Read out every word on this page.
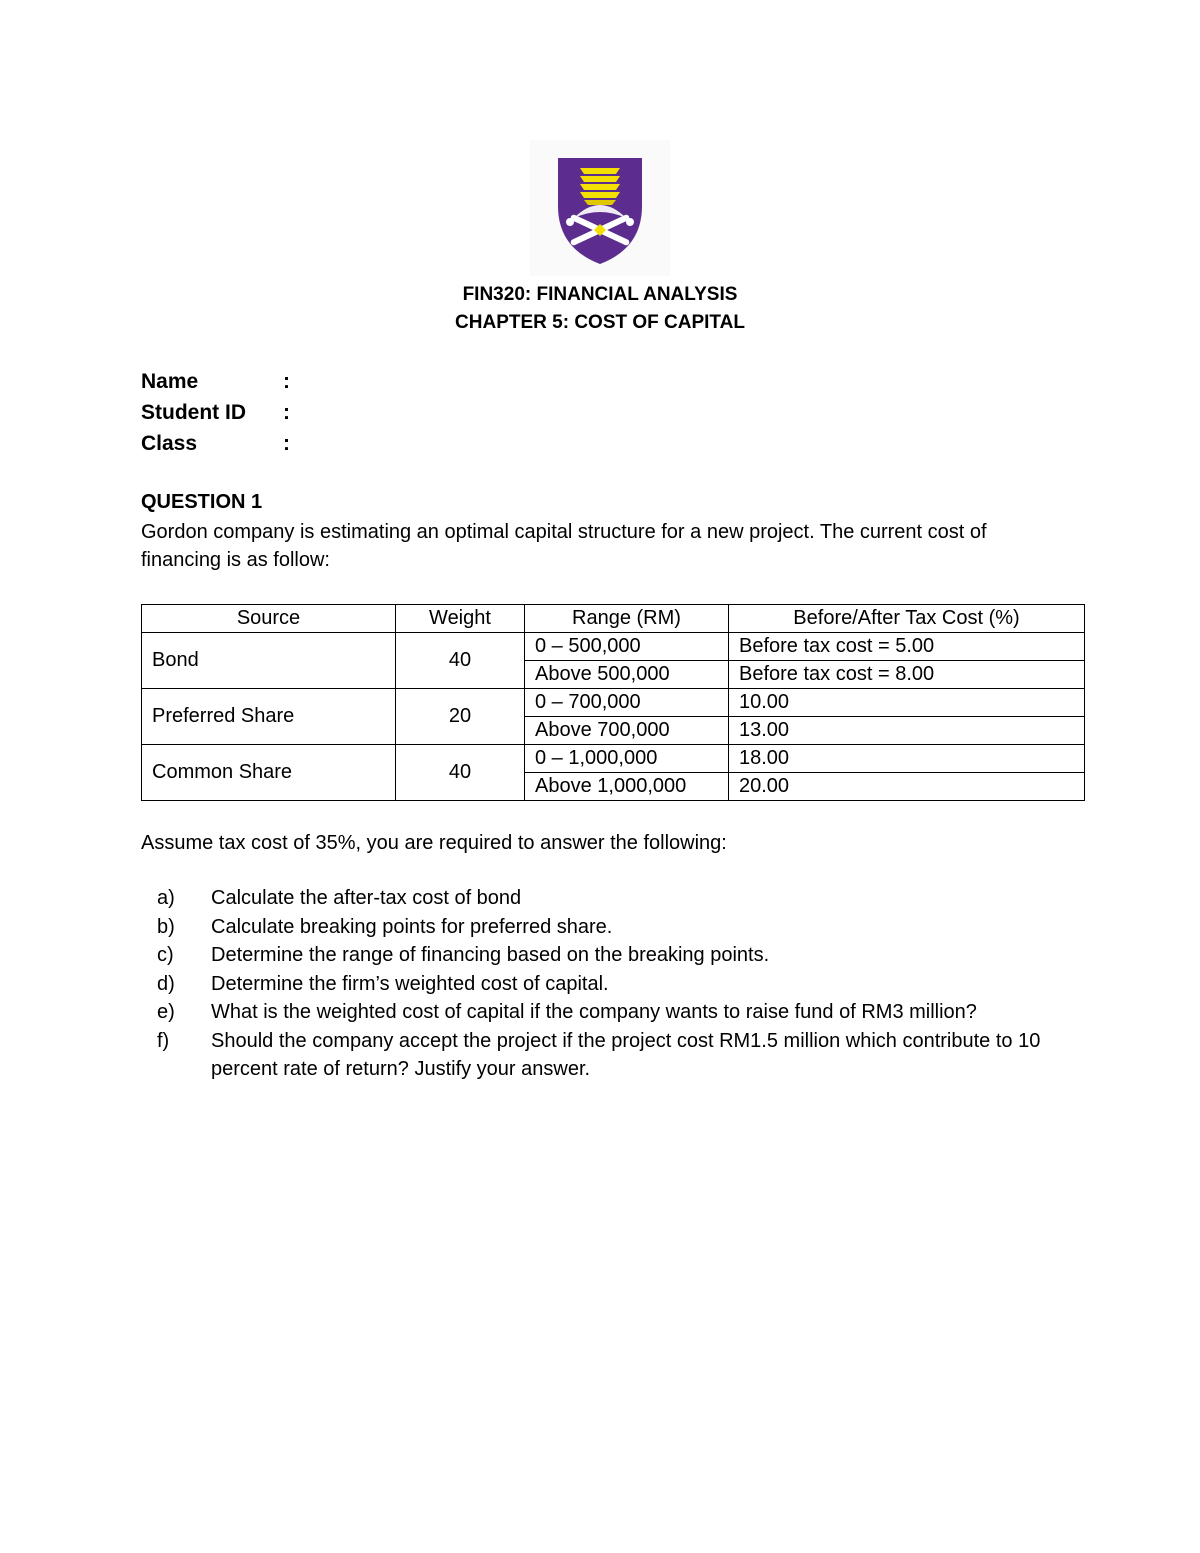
FIN320: FINANCIAL ANALYSIS
CHAPTER 5: COST OF CAPITAL
Name	:
Student ID :
Class	:
QUESTION 1
Gordon company is estimating an optimal capital structure for a new project. The current cost of financing is as follow:
Source	Weight	Range (RM)	Before/After Tax Cost (%)
Bond	40	0 – 500,000	Before tax cost = 5.00
		Above 500,000	Before tax cost = 8.00
Preferred Share	20	0 – 700,000	10.00
		Above 700,000	13.00
Common Share	40	0 – 1,000,000	18.00
		Above 1,000,000	20.00
Assume tax cost of 35%, you are required to answer the following:
a)	Calculate the after-tax cost of bond
b)	Calculate breaking points for preferred share.
c)	Determine the range of financing based on the breaking points.
d)	Determine the firm’s weighted cost of capital.
e)	What is the weighted cost of capital if the company wants to raise fund of RM3 million?
f)	Should the company accept the project if the project cost RM1.5 million which contribute to 10 percent rate of return? Justify your answer.
